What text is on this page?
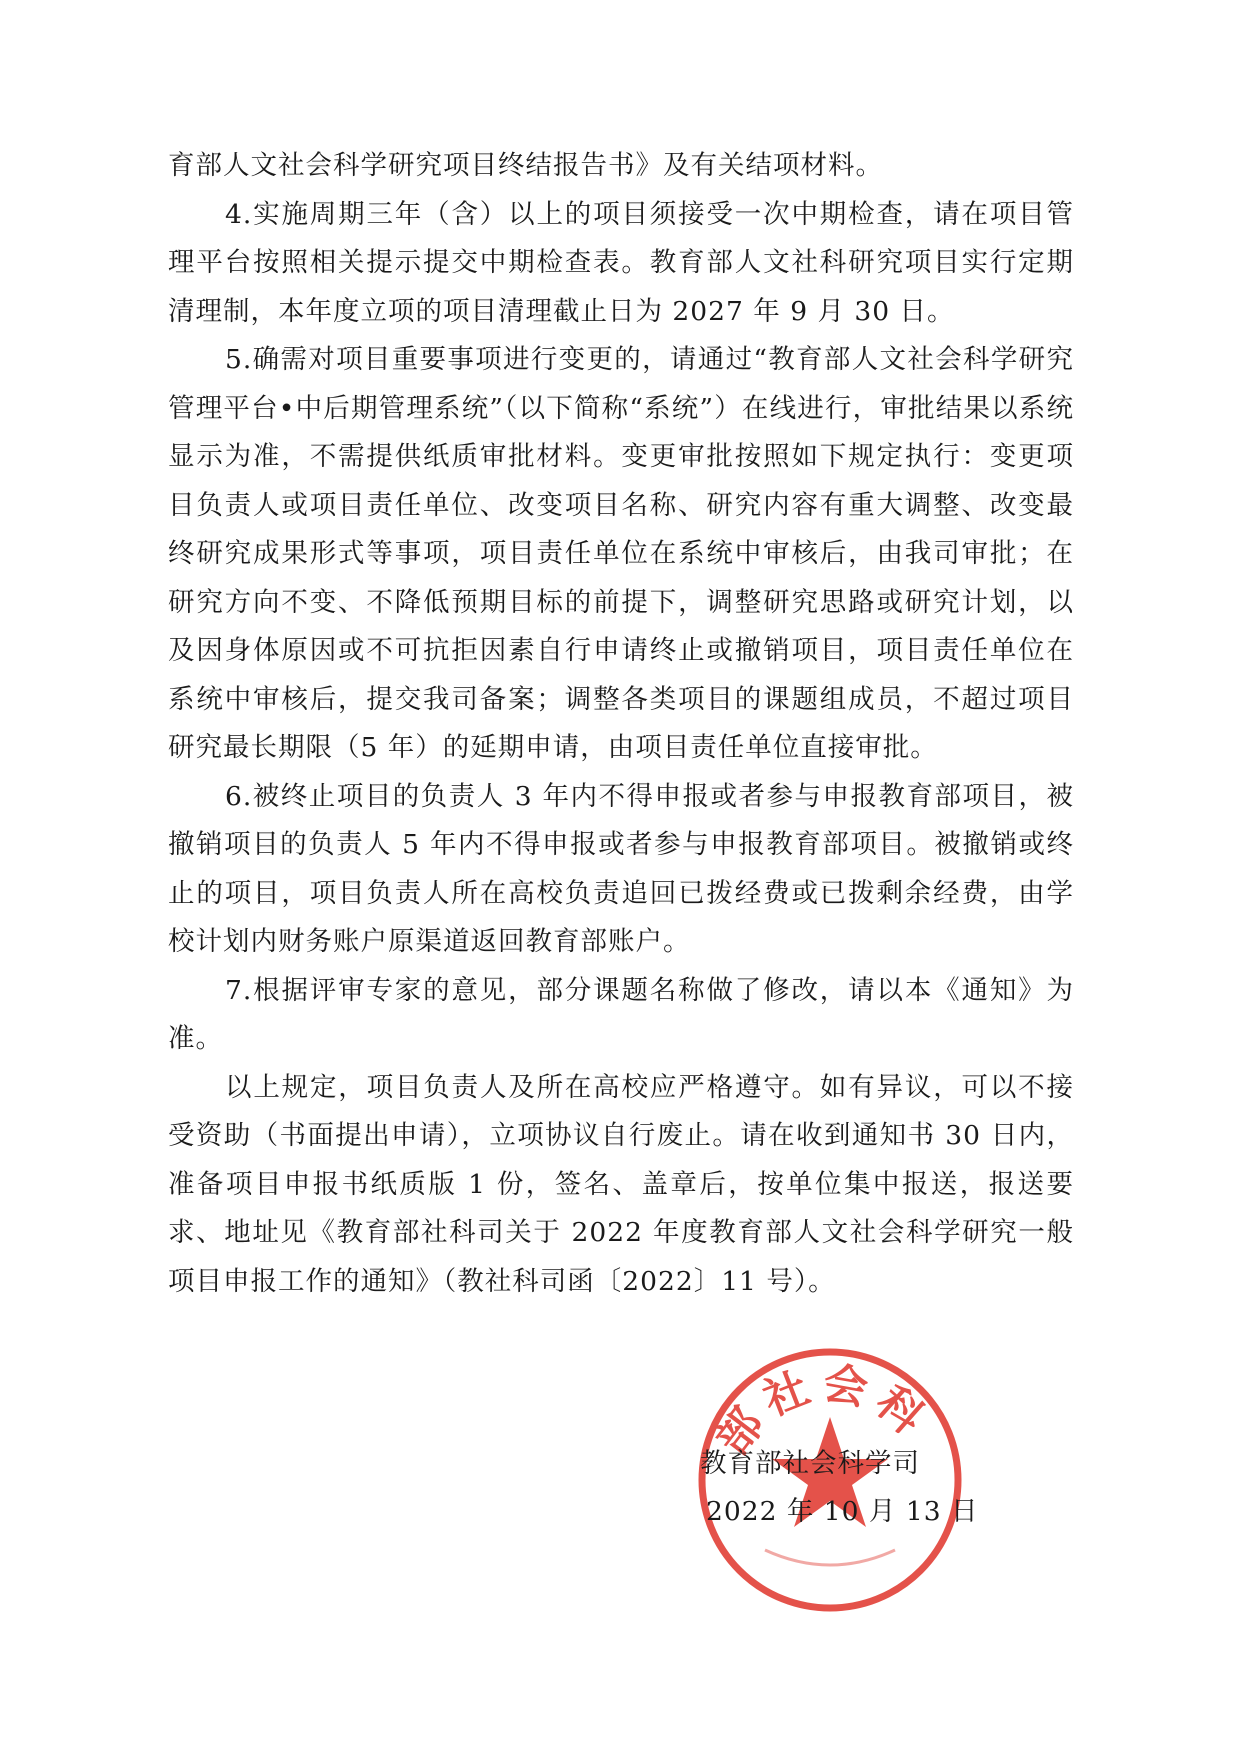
育部人文社会科学研究项目终结报告书》及有关结项材料。

4.实施周期三年（含）以上的项目须接受一次中期检查，请在项目管理平台按照相关提示提交中期检查表。教育部人文社科研究项目实行定期清理制，本年度立项的项目清理截止日为 2027 年 9 月 30 日。

5.确需对项目重要事项进行变更的，请通过“教育部人文社会科学研究管理平台•中后期管理系统”（以下简称“系统”）在线进行，审批结果以系统显示为准，不需提供纸质审批材料。变更审批按照如下规定执行：变更项目负责人或项目责任单位、改变项目名称、研究内容有重大调整、改变最终研究成果形式等事项，项目责任单位在系统中审核后，由我司审批；在研究方向不变、不降低预期目标的前提下，调整研究思路或研究计划，以及因身体原因或不可抗拒因素自行申请终止或撤销项目，项目责任单位在系统中审核后，提交我司备案；调整各类项目的课题组成员，不超过项目研究最长期限（5 年）的延期申请，由项目责任单位直接审批。

6.被终止项目的负责人 3 年内不得申报或者参与申报教育部项目，被撤销项目的负责人 5 年内不得申报或者参与申报教育部项目。被撤销或终止的项目，项目负责人所在高校负责追回已拨经费或已拨剩余经费，由学校计划内财务账户原渠道返回教育部账户。

7.根据评审专家的意见，部分课题名称做了修改，请以本《通知》为准。

以上规定，项目负责人及所在高校应严格遵守。如有异议，可以不接受资助（书面提出申请），立项协议自行废止。请在收到通知书 30 日内，准备项目申报书纸质版 1 份，签名、盖章后，按单位集中报送，报送要求、地址见《教育部社科司关于 2022 年度教育部人文社会科学研究一般项目申报工作的通知》（教社科司函〔2022〕11 号）。

部社会科
教育部社会科学司
2022 年 10 月 13 日
